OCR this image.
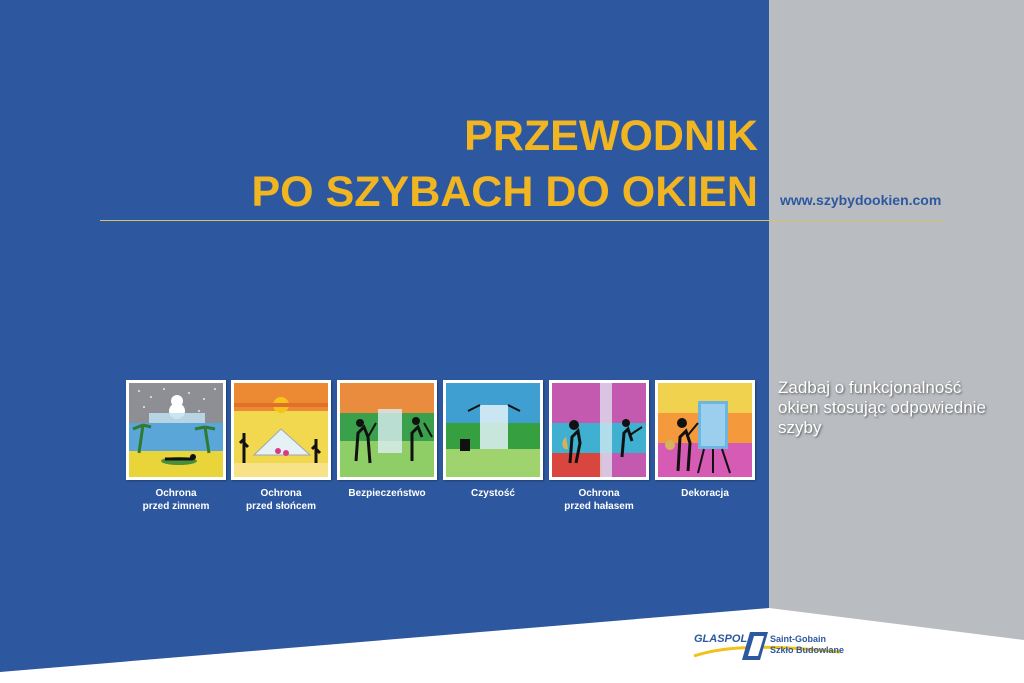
PRZEWODNIK
PO SZYBACH DO OKIEN www.szybydookien.com
Zadbaj o funkcjonalność okien stosując odpowiednie szyby
Ochrona
przed zimnem
Ochrona
przed słońcem
Bezpieczeństwo	Czystość	Ochrona
przed hałasem
Dekoracja
GLASPOL	Saint-Gobain
Szkło Budowlane
